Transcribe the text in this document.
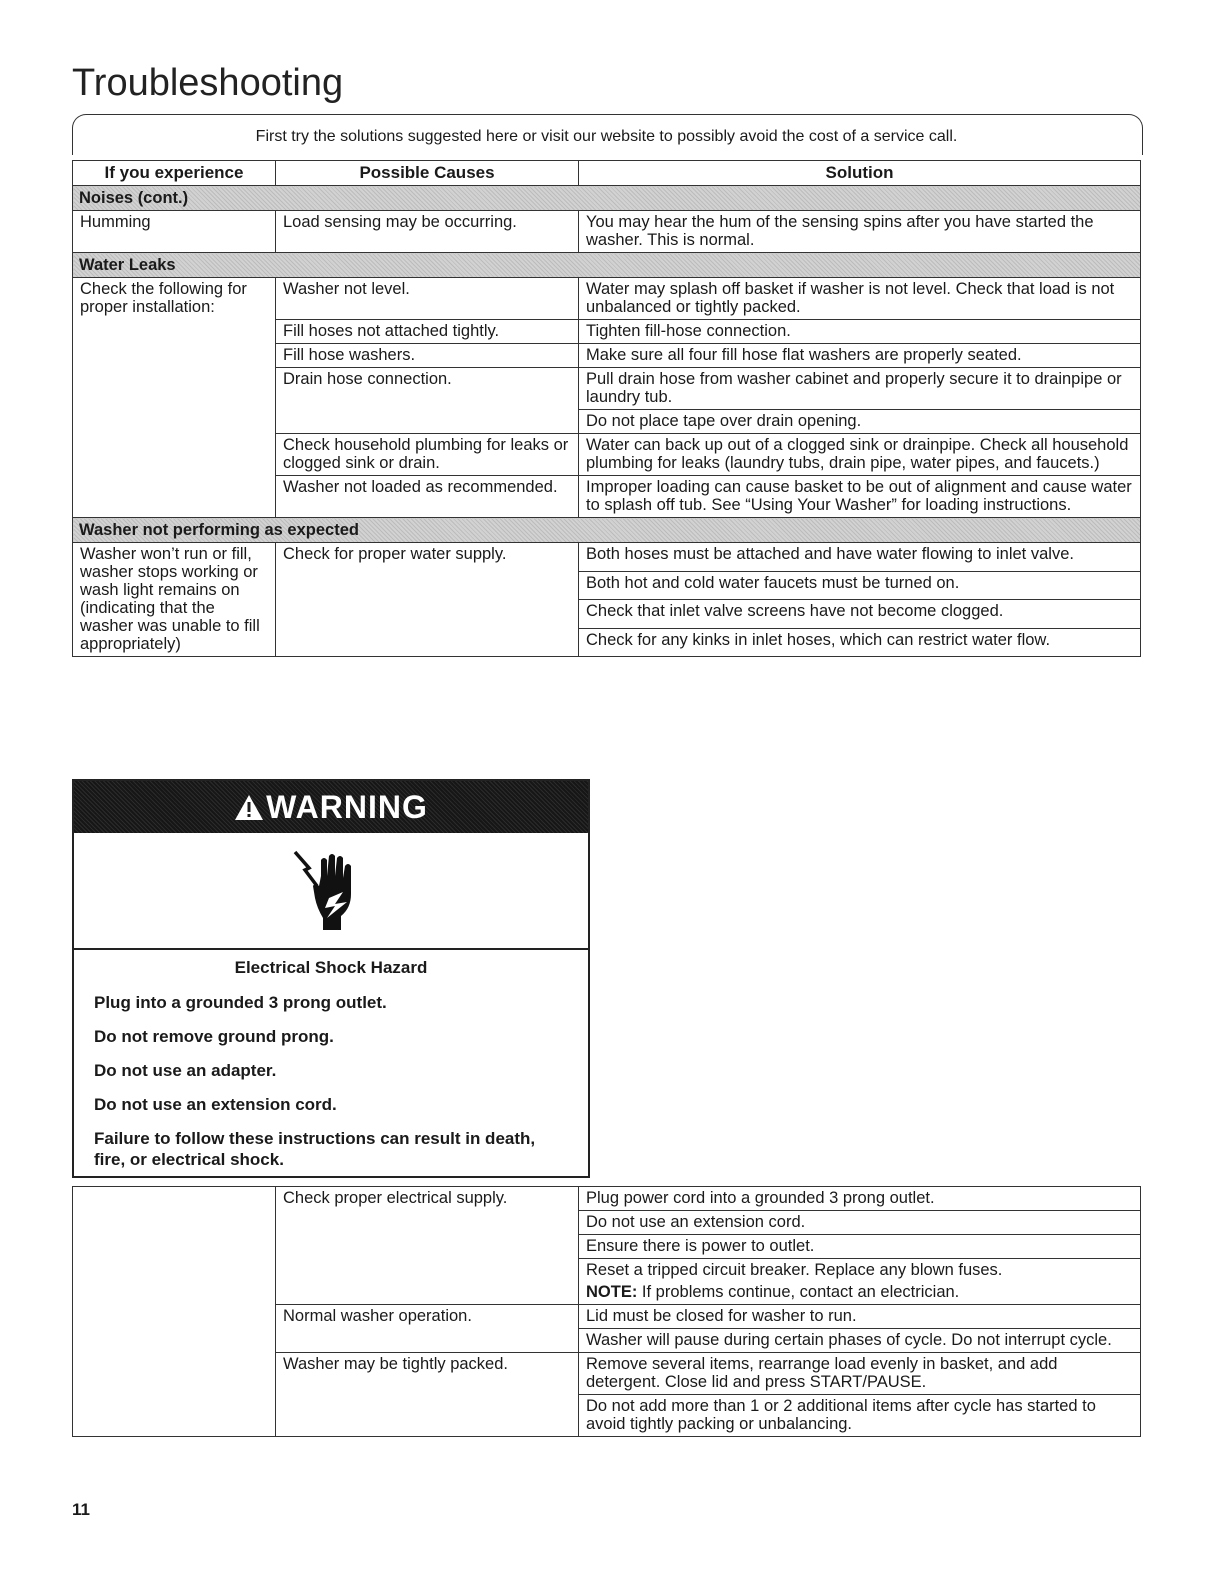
Troubleshooting
First try the solutions suggested here or visit our website to possibly avoid the cost of a service call.
If you experience	Possible Causes	Solution
Noises (cont.)		
Humming	Load sensing may be occurring.	You may hear the hum of the sensing spins after you have started the washer. This is normal.
Water Leaks		
Check the following for proper installation:	Washer not level.	Water may splash off basket if washer is not level. Check that load is not unbalanced or tightly packed.
	Fill hoses not attached tightly.	Tighten fill-hose connection.
	Fill hose washers.	Make sure all four fill hose flat washers are properly seated.
	Drain hose connection.	Pull drain hose from washer cabinet and properly secure it to drainpipe or laundry tub.
		Do not place tape over drain opening.
	Check household plumbing for leaks or clogged sink or drain.	Water can back up out of a clogged sink or drainpipe. Check all household plumbing for leaks (laundry tubs, drain pipe, water pipes, and faucets.)
	Washer not loaded as recommended.	Improper loading can cause basket to be out of alignment and cause water to splash off tub. See “Using Your Washer” for loading instructions.
Washer not performing as expected		
Washer won’t run or fill, washer stops working or wash light remains on (indicating that the washer was unable to fill appropriately)	Check for proper water supply.	Both hoses must be attached and have water flowing to inlet valve.
		Both hot and cold water faucets must be turned on.
		Check that inlet valve screens have not become clogged.
		Check for any kinks in inlet hoses, which can restrict water flow.
WARNING
Electrical Shock Hazard

Plug into a grounded 3 prong outlet.

Do not remove ground prong.

Do not use an adapter.

Do not use an extension cord.

Failure to follow these instructions can result in death, fire, or electrical shock.

	Check proper electrical supply.	Plug power cord into a grounded 3 prong outlet.
		Do not use an extension cord.
		Ensure there is power to outlet.

		Reset a tripped circuit breaker. Replace any blown fuses.
NOTE: If problems continue, contact an electrician.
	Normal washer operation.	Lid must be closed for washer to run.
		Washer will pause during certain phases of cycle. Do not interrupt cycle.
	Washer may be tightly packed.	Remove several items, rearrange load evenly in basket, and add detergent. Close lid and press START/PAUSE.
		Do not add more than 1 or 2 additional items after cycle has started to avoid tightly packing or unbalancing.
11
